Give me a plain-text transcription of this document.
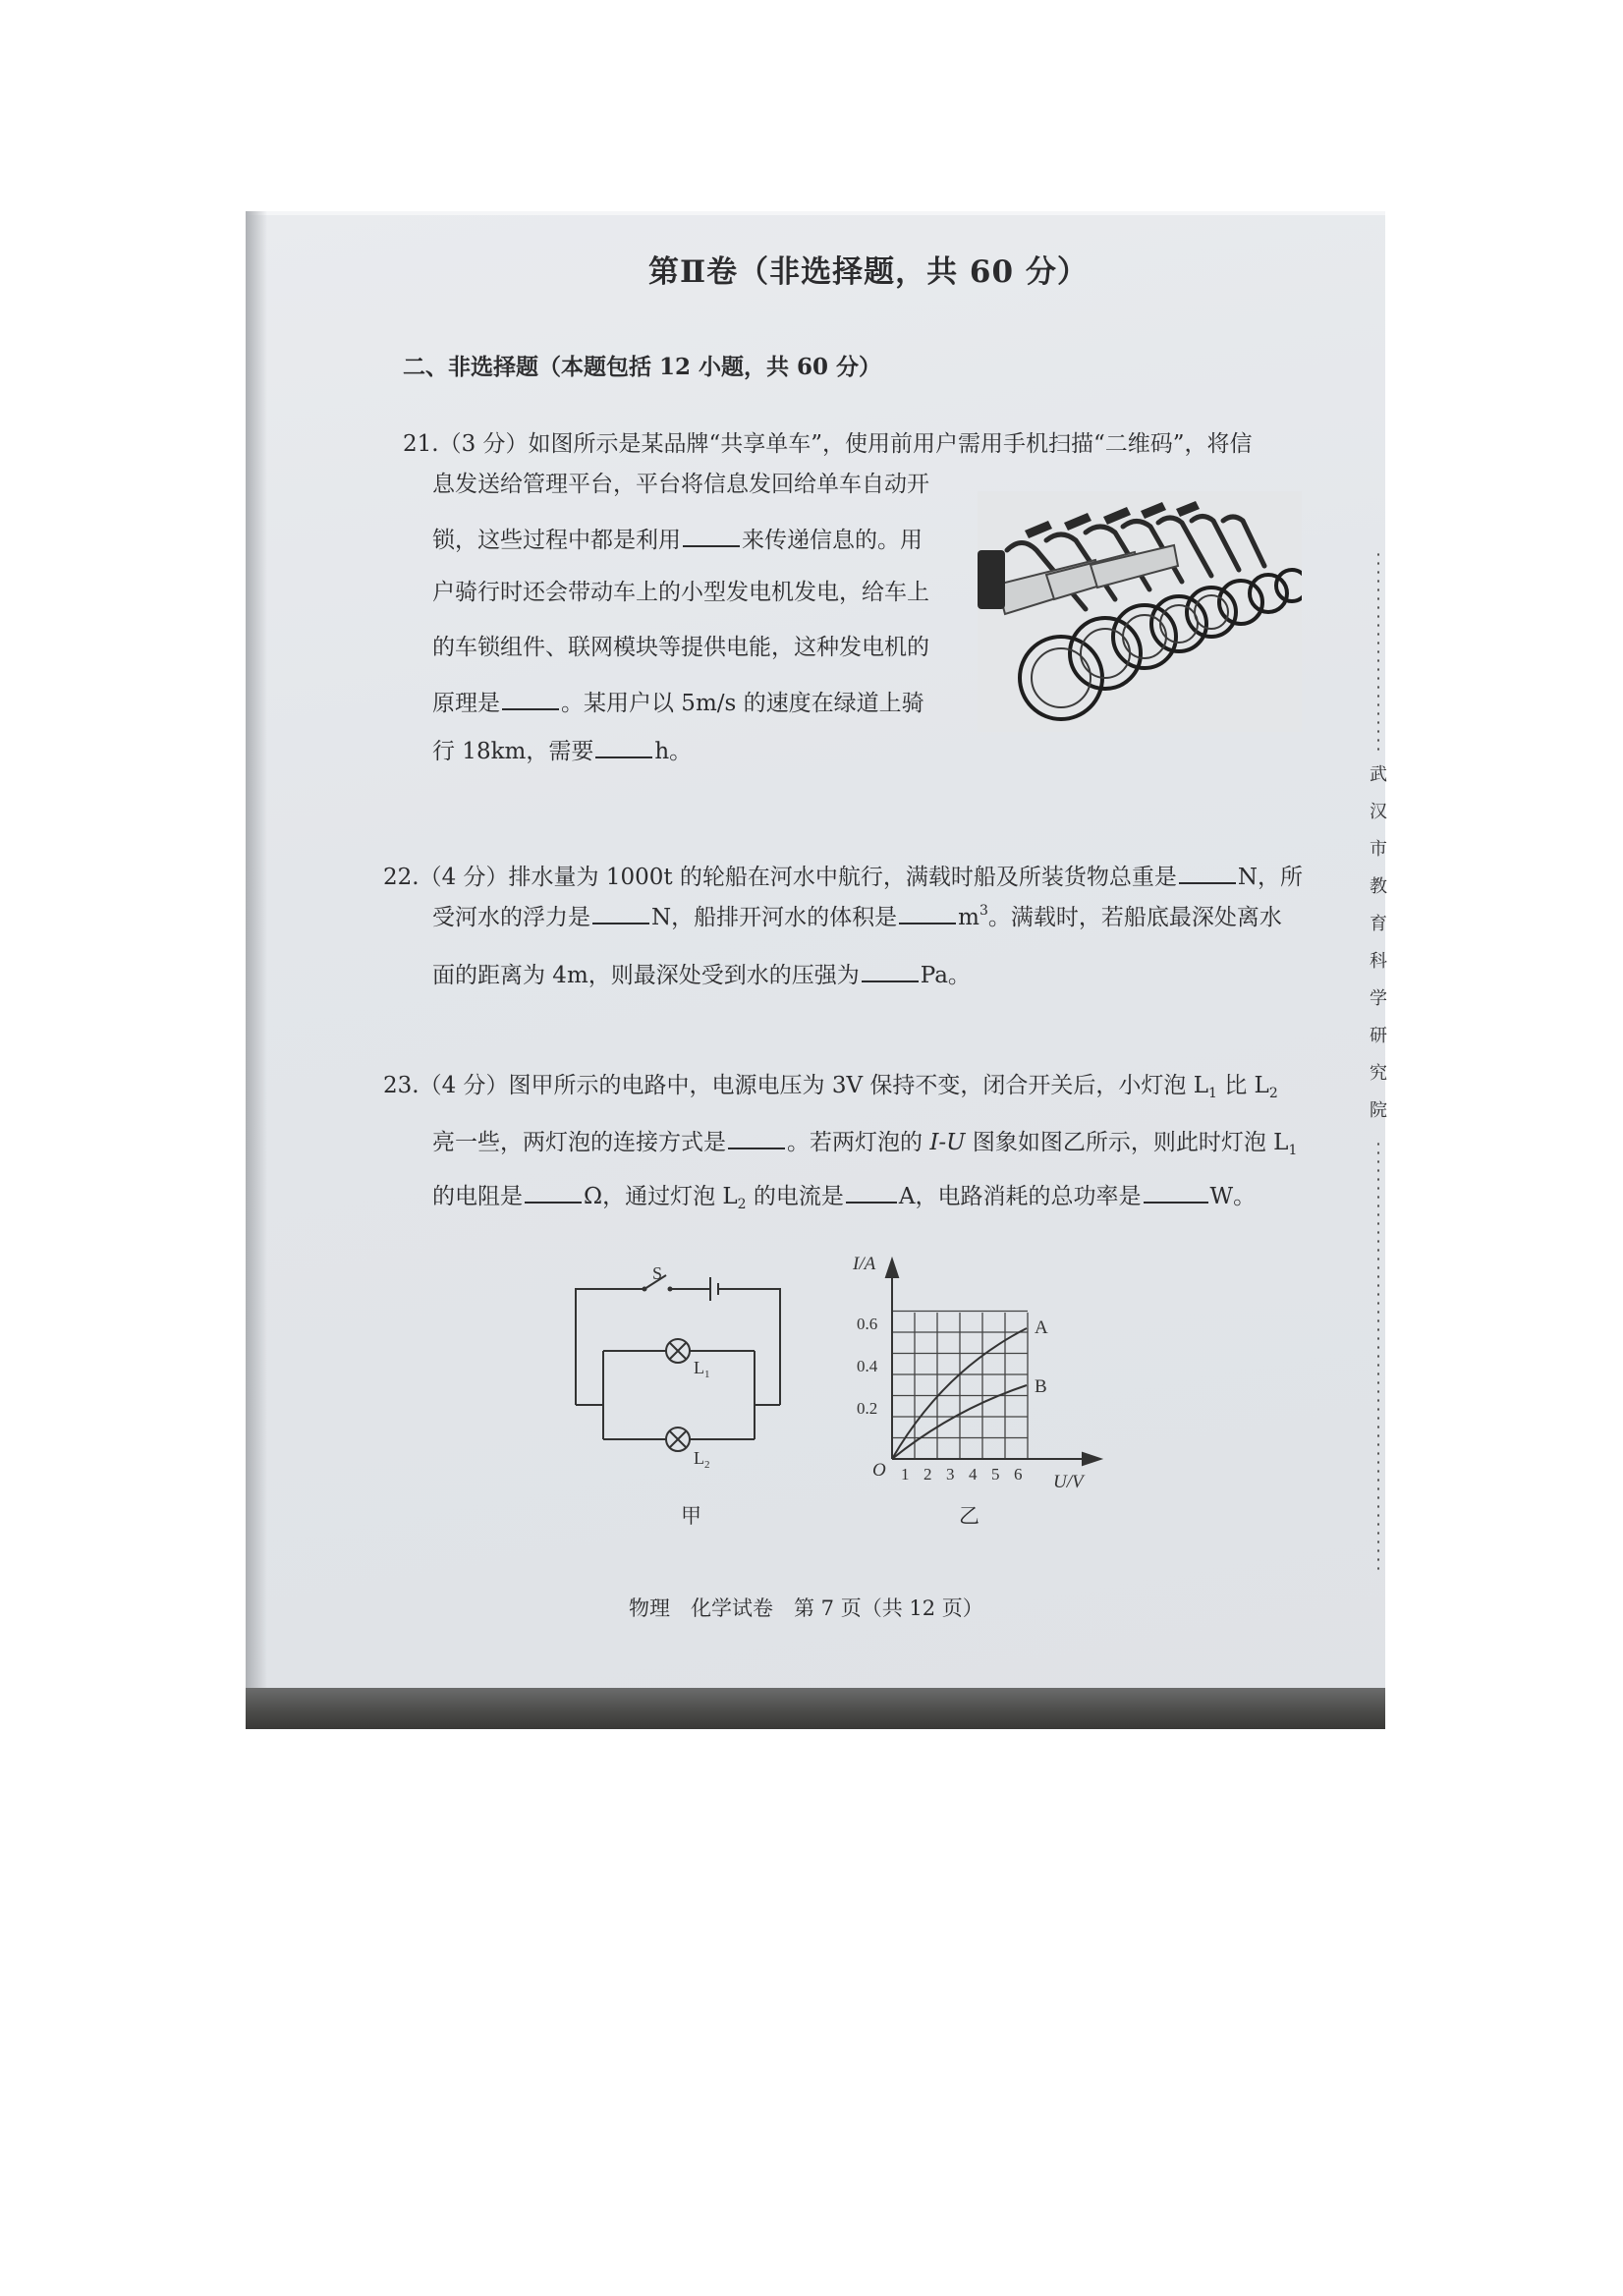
第Ⅱ卷（非选择题，共 60 分）
二、非选择题（本题包括 12 小题，共 60 分）
21.（3 分）如图所示是某品牌“共享单车”，使用前用户需用手机扫描“二维码”，将信
息发送给管理平台，平台将信息发回给单车自动开
锁，这些过程中都是利用	来传递信息的。用
户骑行时还会带动车上的小型发电机发电，给车上
的车锁组件、联网模块等提供电能，这种发电机的
原理是	。某用户以 5m/s 的速度在绿道上骑
行 18km，需要	h。
22.（4 分）排水量为 1000t 的轮船在河水中航行，满载时船及所装货物总重是	N，所
受河水的浮力是	N，船排开河水的体积是	$m^3$。满载时，若船底最深处离水
面的距离为 4m，则最深处受到水的压强为	Pa。
23.（4 分）图甲所示的电路中，电源电压为 3V 保持不变，闭合开关后，小灯泡 $L_1$ 比 $L_2$
亮一些，两灯泡的连接方式是	。若两灯泡的 I-U 图象如图乙所示，则此时灯泡 $L_1$
的电阻是	Ω，通过灯泡 $L_2$ 的电流是 A，电路消耗的总功率是	W。
S
$L_1$
$L_2$
甲
I/A
U/V
O
A
B
0.6
0.4
0.2
1 2 3 4 5 6
乙
武
汉
市
教
育
科
学
研
究
院
物理　化学试卷　第 7 页（共 12 页）
